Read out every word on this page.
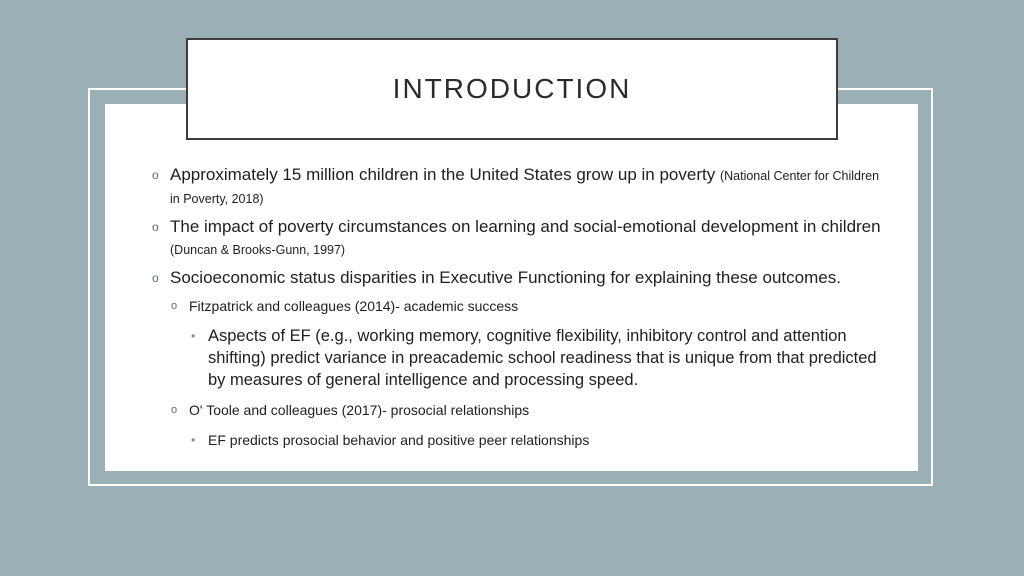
INTRODUCTION
o Approximately 15 million children in the United States grow up in poverty (National Center for Children in Poverty, 2018)
o The impact of poverty circumstances on learning and social-emotional development in children (Duncan & Brooks-Gunn, 1997)
o Socioeconomic status disparities in Executive Functioning for explaining these outcomes.
o Fitzpatrick and colleagues (2014)- academic success
• Aspects of EF (e.g., working memory, cognitive flexibility, inhibitory control and attention shifting) predict variance in preacademic school readiness that is unique from that predicted by measures of general intelligence and processing speed.
o O' Toole and colleagues (2017)- prosocial relationships
• EF predicts prosocial behavior and positive peer relationships
